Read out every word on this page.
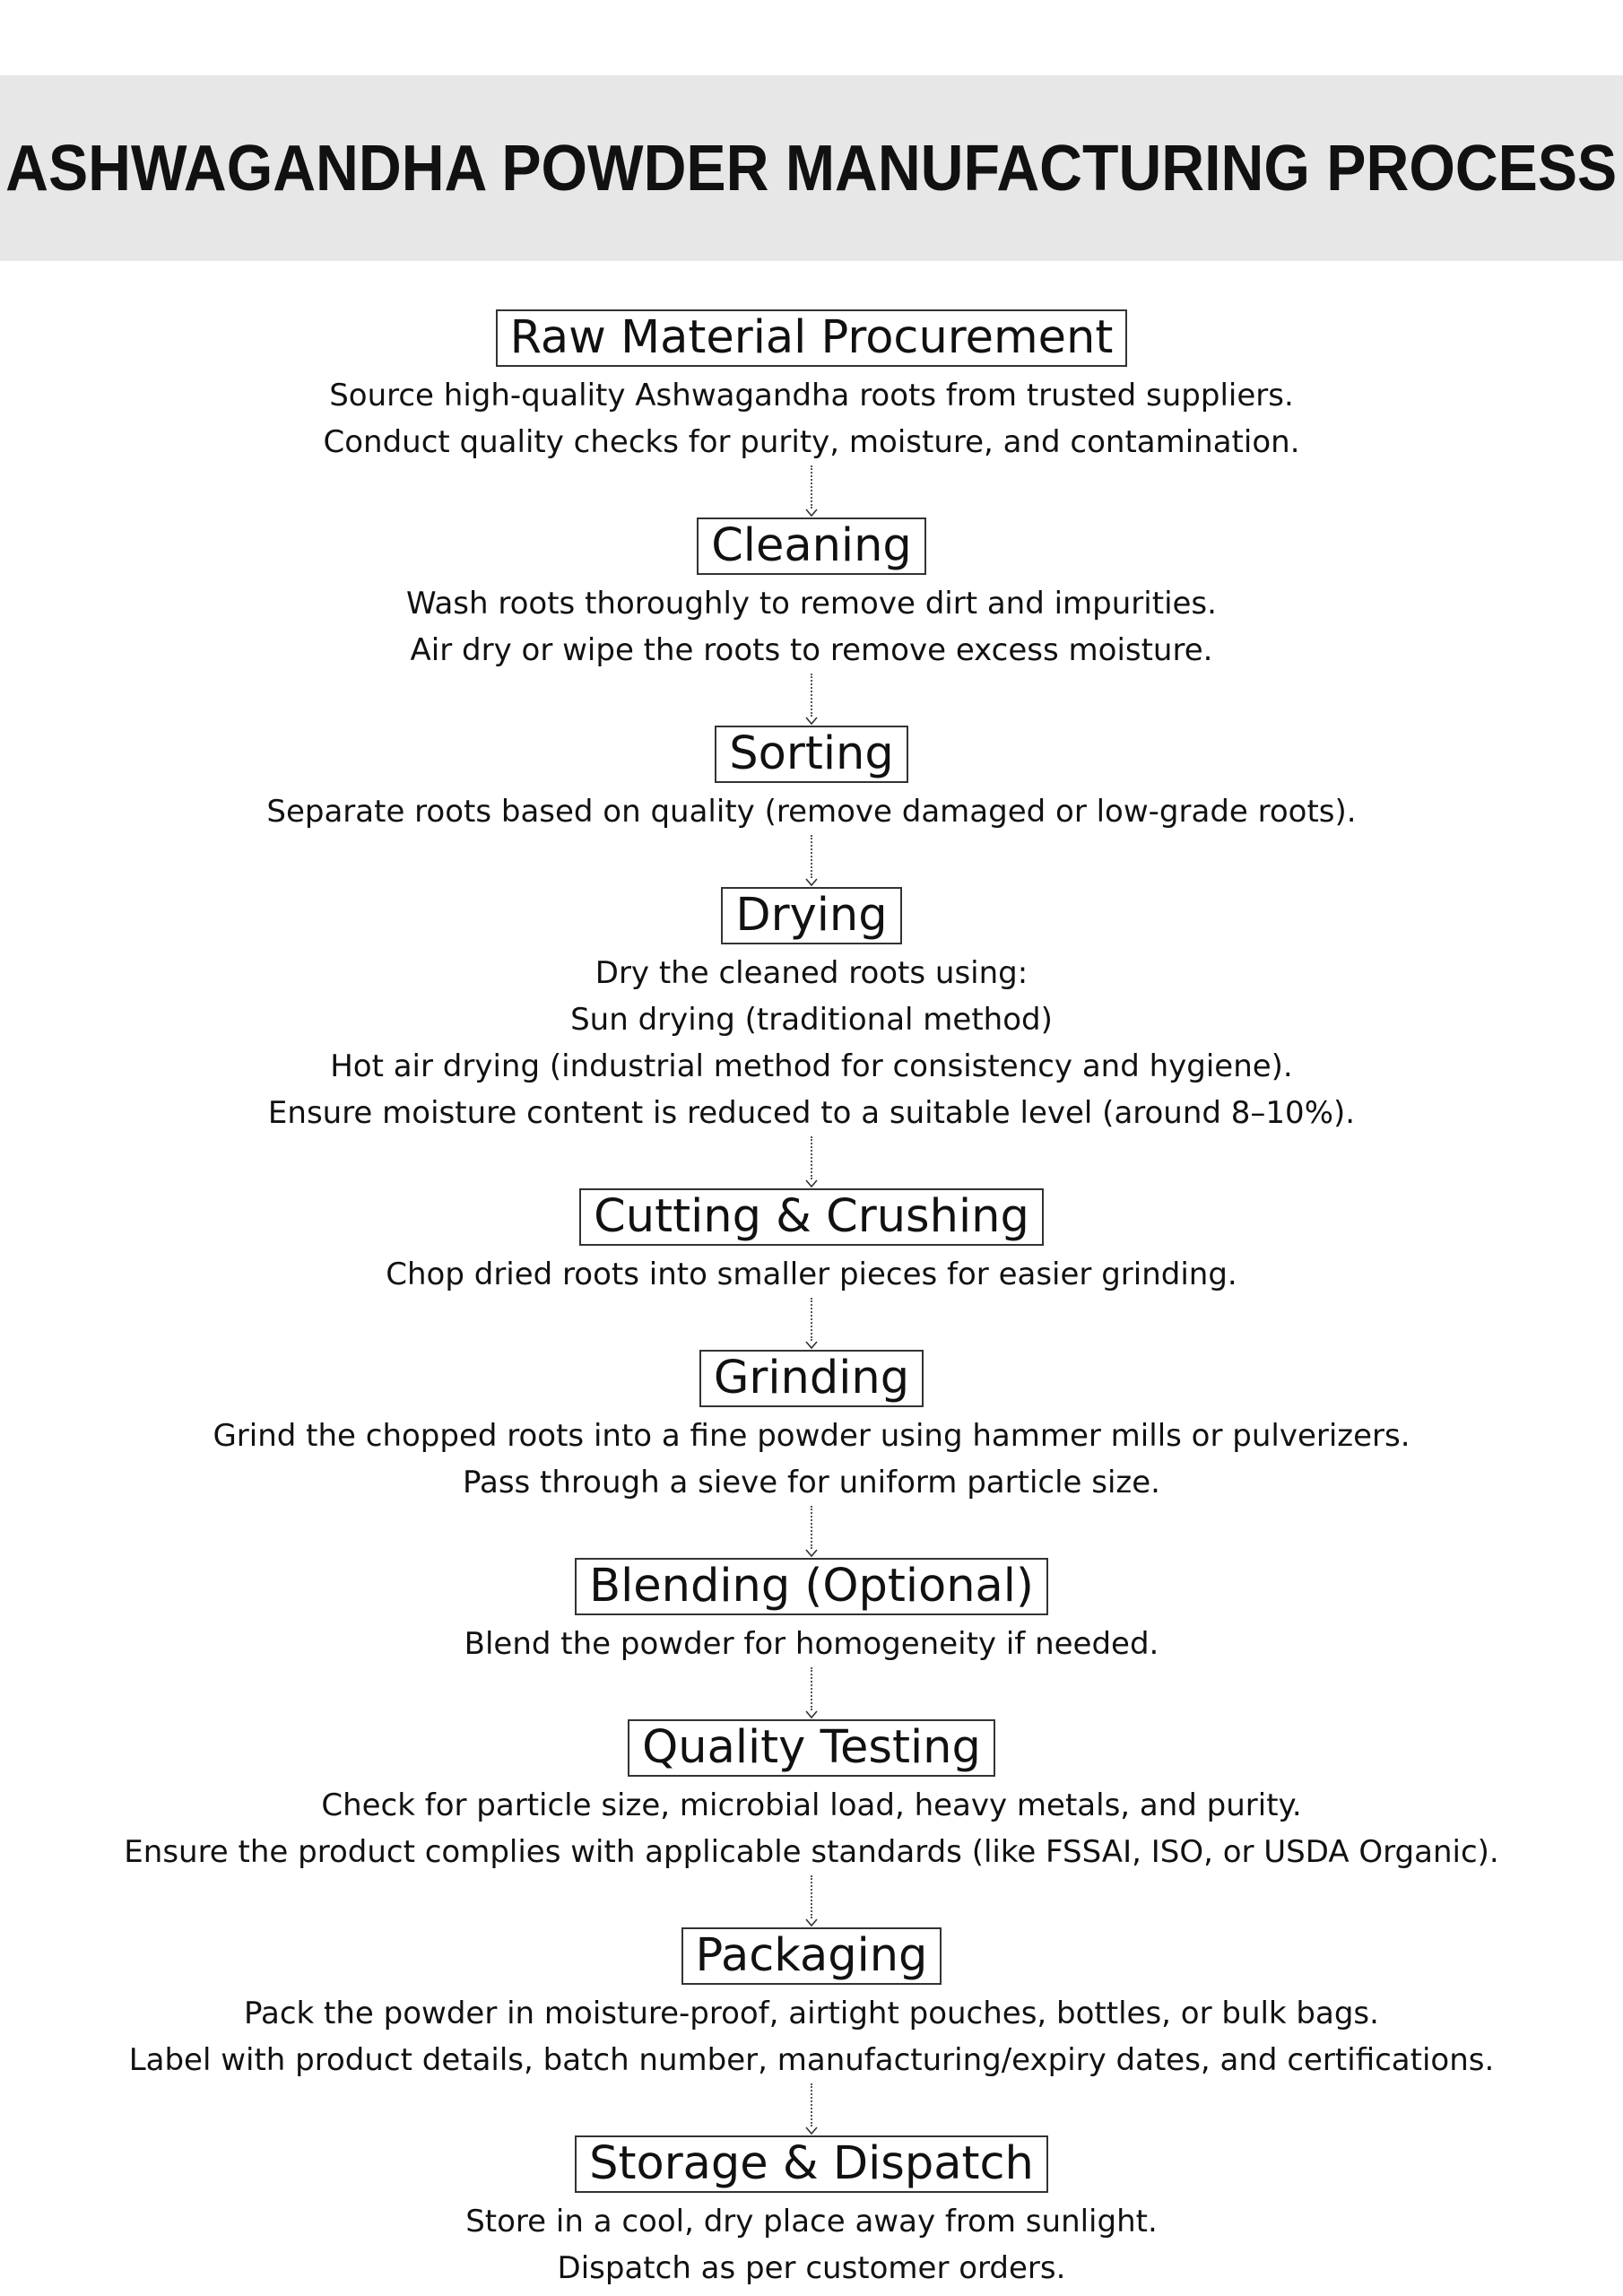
ASHWAGANDHA POWDER MANUFACTURING PROCESS
Raw Material Procurement
Source high-quality Ashwagandha roots from trusted suppliers.
Conduct quality checks for purity, moisture, and contamination.
Cleaning
Wash roots thoroughly to remove dirt and impurities.
Air dry or wipe the roots to remove excess moisture.
Sorting
Separate roots based on quality (remove damaged or low-grade roots).
Drying
Dry the cleaned roots using:
Sun drying (traditional method)
Hot air drying (industrial method for consistency and hygiene).
Ensure moisture content is reduced to a suitable level (around 8–10%).
Cutting & Crushing
Chop dried roots into smaller pieces for easier grinding.
Grinding
Grind the chopped roots into a fine powder using hammer mills or pulverizers.
Pass through a sieve for uniform particle size.
Blending (Optional)
Blend the powder for homogeneity if needed.
Quality Testing
Check for particle size, microbial load, heavy metals, and purity.
Ensure the product complies with applicable standards (like FSSAI, ISO, or USDA Organic).
Packaging
Pack the powder in moisture-proof, airtight pouches, bottles, or bulk bags.
Label with product details, batch number, manufacturing/expiry dates, and certifications.
Storage & Dispatch
Store in a cool, dry place away from sunlight.
Dispatch as per customer orders.
